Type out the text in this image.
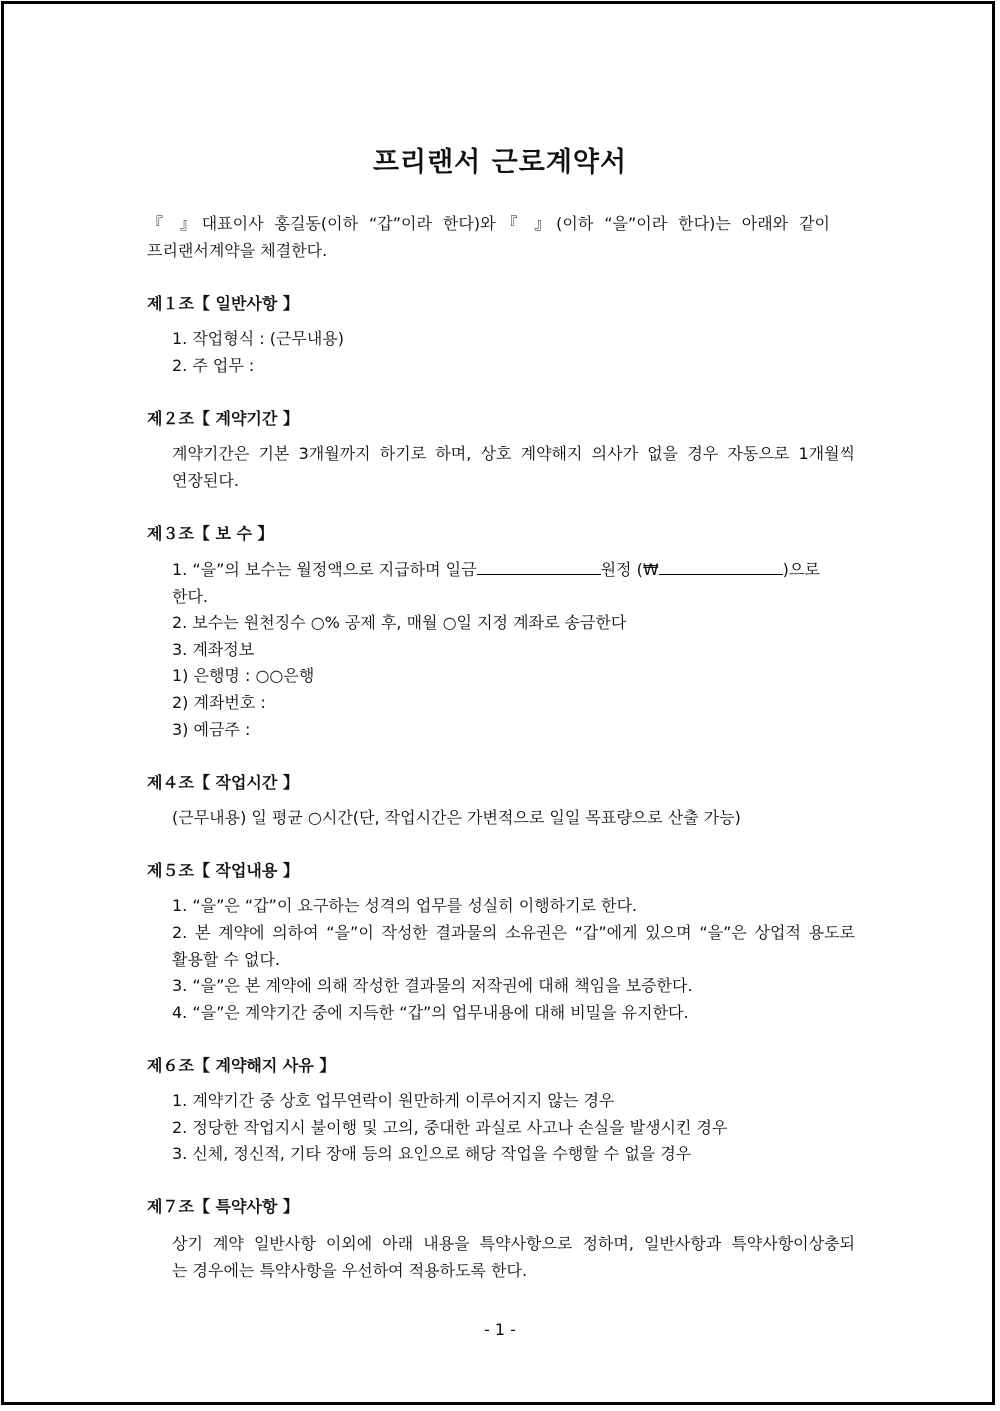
프리랜서 근로계약서
『 』대표이사 홍길동(이하 “갑”이라 한다)와『 』(이하 “을”이라 한다)는 아래와 같이
프리랜서계약을 체결한다.
제１조【 일반사항 】
1. 작업형식 : (근무내용)
2. 주 업무 :
제２조【 계약기간 】
계약기간은 기본 3개월까지 하기로 하며, 상호 계약해지 의사가 없을 경우 자동으로 1개월씩
연장된다.
제３조【 보 수 】
1. “을”의 보수는 월정액으로 지급하며 일금	원정 (₩	)으로
한다.
2. 보수는 원천징수 ○% 공제 후, 매월 ○일 지정 계좌로 송금한다
3. 계좌정보
1) 은행명 : ○○은행
2) 계좌번호 :
3) 예금주 :
제４조【 작업시간 】
(근무내용) 일 평균 ○시간(단, 작업시간은 가변적으로 일일 목표량으로 산출 가능)
제５조【 작업내용 】
1. “을”은 “갑”이 요구하는 성격의 업무를 성실히 이행하기로 한다.
2. 본 계약에 의하여 “을”이 작성한 결과물의 소유권은 “갑”에게 있으며 “을”은 상업적 용도로
활용할 수 없다.
3. “을”은 본 계약에 의해 작성한 결과물의 저작권에 대해 책임을 보증한다.
4. “을”은 계약기간 중에 지득한 “갑”의 업무내용에 대해 비밀을 유지한다.
제６조【 계약해지 사유 】
1. 계약기간 중 상호 업무연락이 원만하게 이루어지지 않는 경우
2. 정당한 작업지시 불이행 및 고의, 중대한 과실로 사고나 손실을 발생시킨 경우
3. 신체, 정신적, 기타 장애 등의 요인으로 해당 작업을 수행할 수 없을 경우
제７조【 특약사항 】
상기 계약 일반사항 이외에 아래 내용을 특약사항으로 정하며, 일반사항과 특약사항이상충되
는 경우에는 특약사항을 우선하여 적용하도록 한다.
- 1 -
